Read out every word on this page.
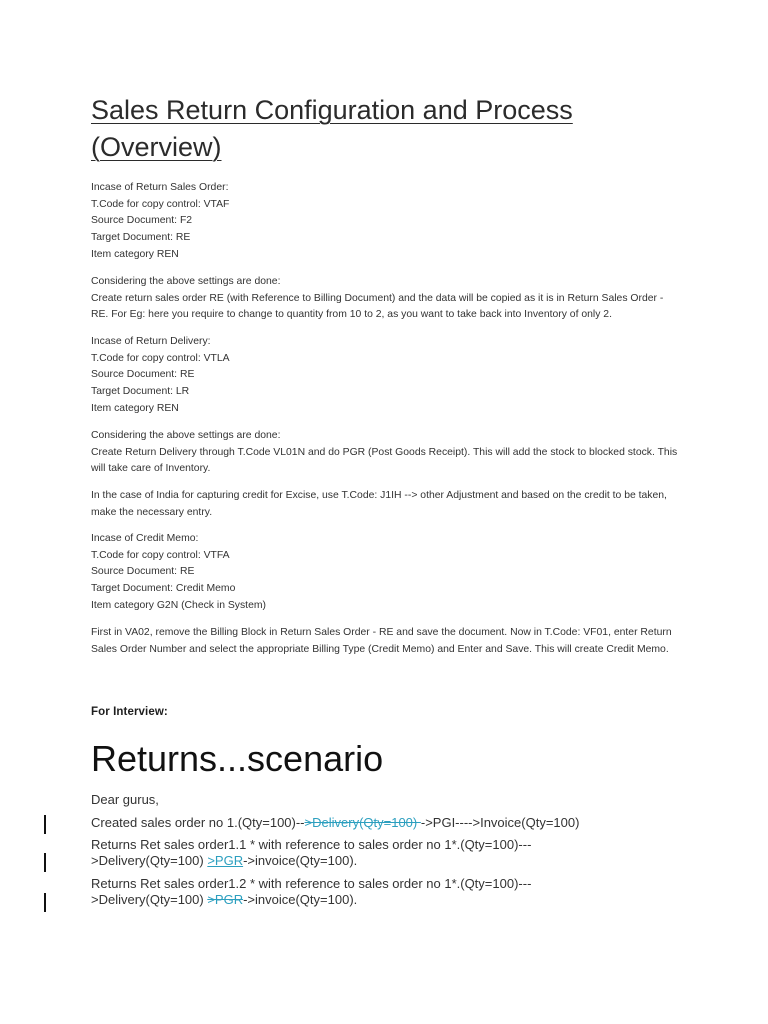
Sales Return Configuration and Process (Overview)
Incase of Return Sales Order:
T.Code for copy control: VTAF
Source Document: F2
Target Document: RE
Item category REN
Considering the above settings are done:
Create return sales order RE (with Reference to Billing Document) and the data will be copied as it is in Return Sales Order - RE. For Eg: here you require to change to quantity from 10 to 2, as you want to take back into Inventory of only 2.
Incase of Return Delivery:
T.Code for copy control: VTLA
Source Document: RE
Target Document: LR
Item category REN
Considering the above settings are done:
Create Return Delivery through T.Code VL01N and do PGR (Post Goods Receipt). This will add the stock to blocked stock. This will take care of Inventory.
In the case of India for capturing credit for Excise, use T.Code: J1IH --> other Adjustment and based on the credit to be taken, make the necessary entry.
Incase of Credit Memo:
T.Code for copy control: VTFA
Source Document: RE
Target Document: Credit Memo
Item category G2N (Check in System)
First in VA02, remove the Billing Block in Return Sales Order - RE and save the document. Now in T.Code: VF01, enter Return Sales Order Number and select the appropriate Billing Type (Credit Memo) and Enter and Save. This will create Credit Memo.
For Interview:
Returns...scenario
Dear gurus,
Created sales order no 1.(Qty=100)-->Delivery(Qty=100) ->PGI---->Invoice(Qty=100)
Returns Ret sales order1.1 * with reference to sales order no 1*.(Qty=100)---
>Delivery(Qty=100) >PGR->invoice(Qty=100).
Returns Ret sales order1.2 * with reference to sales order no 1*.(Qty=100)---
>Delivery(Qty=100) >PGR->invoice(Qty=100).
